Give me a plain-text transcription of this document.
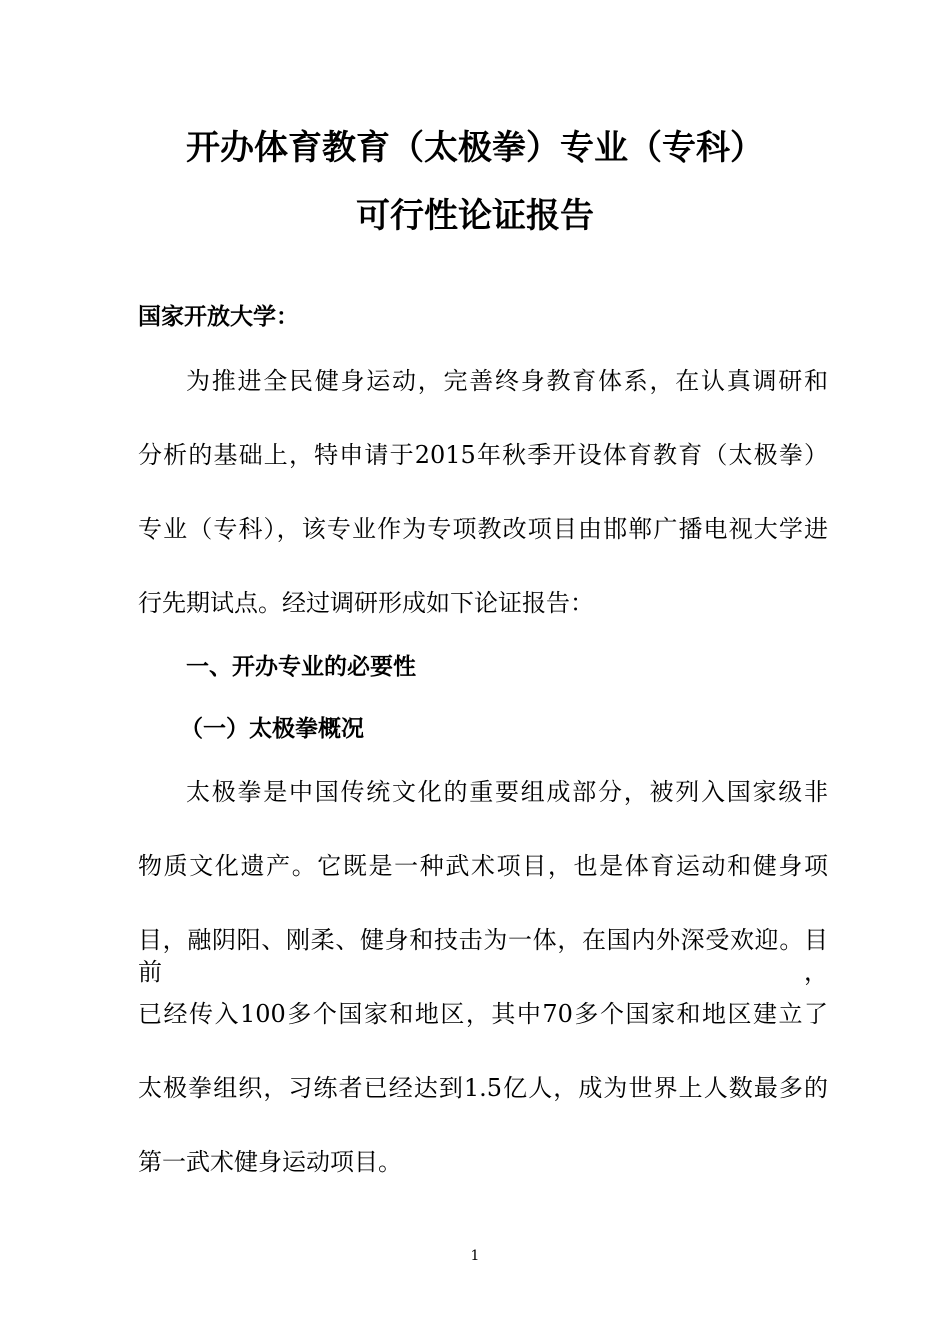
开办体育教育（太极拳）专业（专科）
可行性论证报告
国家开放大学：
为推进全民健身运动，完善终身教育体系，在认真调研和
分析的基础上，特申请于2015年秋季开设体育教育（太极拳）
专业（专科），该专业作为专项教改项目由邯郸广播电视大学进
行先期试点。经过调研形成如下论证报告：
一、开办专业的必要性
（一）太极拳概况
太极拳是中国传统文化的重要组成部分，被列入国家级非
物质文化遗产。它既是一种武术项目，也是体育运动和健身项
目，融阴阳、刚柔、健身和技击为一体，在国内外深受欢迎。目前，
已经传入100多个国家和地区，其中70多个国家和地区建立了
太极拳组织，习练者已经达到1.5亿人，成为世界上人数最多的
第一武术健身运动项目。
1
